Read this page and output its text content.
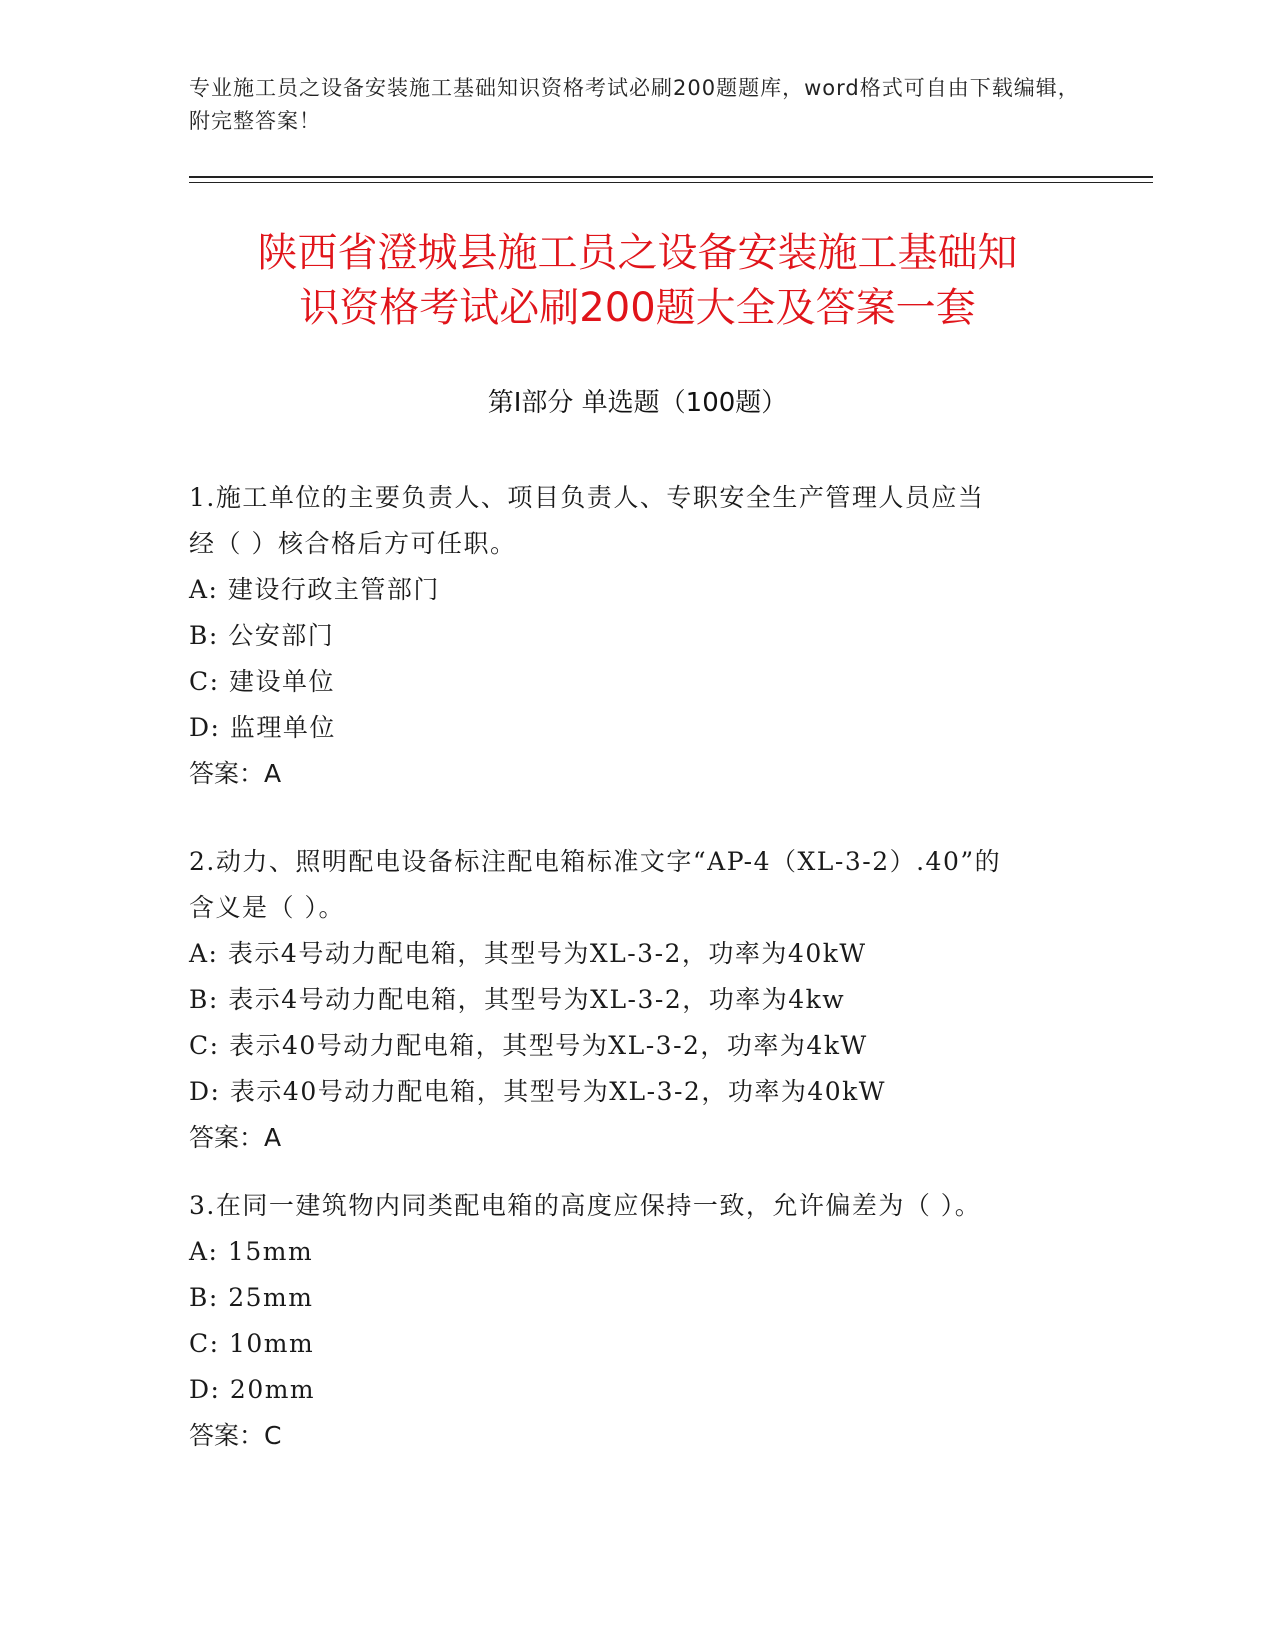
专业施工员之设备安装施工基础知识资格考试必刷200题题库，word格式可自由下载编辑，附完整答案！
陕西省澄城县施工员之设备安装施工基础知
识资格考试必刷200题大全及答案一套
第I部分 单选题（100题）

1.施工单位的主要负责人、项目负责人、专职安全生产管理人员应当

经（ ）核合格后方可任职。

A: 建设行政主管部门

B: 公安部门

C: 建设单位

D: 监理单位

答案：A

2.动力、照明配电设备标注配电箱标准文字“AP-4（XL-3-2）.40”的

含义是（ ）。

A: 表示4号动力配电箱，其型号为XL-3-2，功率为40kW

B: 表示4号动力配电箱，其型号为XL-3-2，功率为4kw

C: 表示40号动力配电箱，其型号为XL-3-2，功率为4kW

D: 表示40号动力配电箱，其型号为XL-3-2，功率为40kW

答案：A

3.在同一建筑物内同类配电箱的高度应保持一致，允许偏差为（ ）。

A: 15mm

B: 25mm

C: 10mm

D: 20mm

答案：C
